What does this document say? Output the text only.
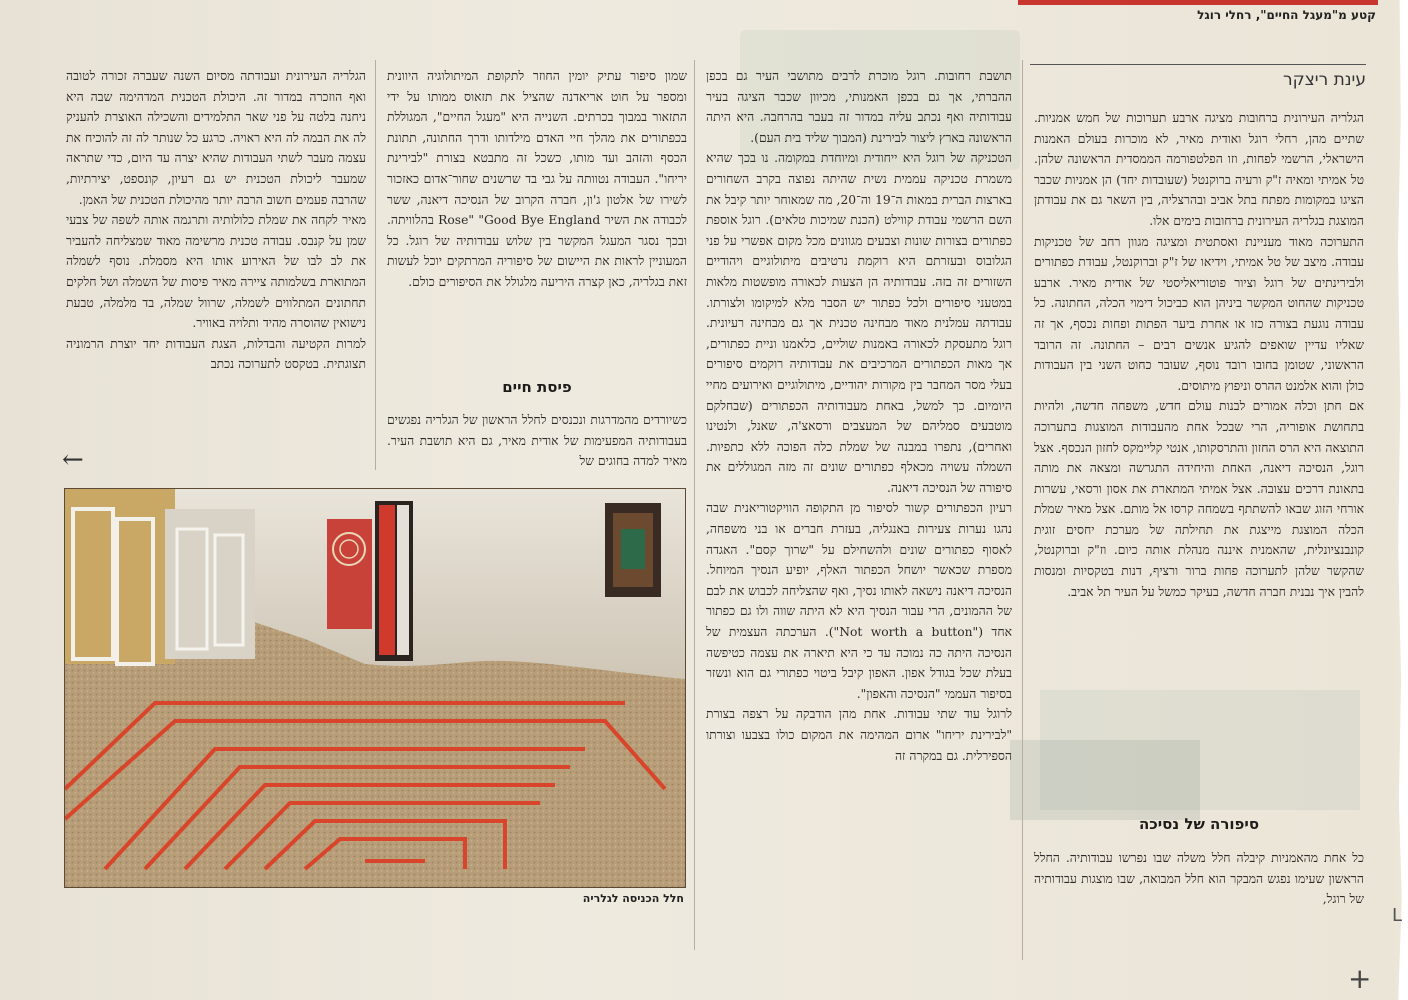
קטע מ"מעגל החיים", רחלי רוגל
עינת ריצקר

הגלריה העירונית ברחובות מציגה ארבע תערוכות של חמש אמניות. שתיים מהן, רחלי רוגל ואודית מאיר, לא מוכרות בעולם האמנות הישראלי, הרשמי לפחות, וזו הפלטפורמה הממסדית הראשונה שלהן. טל אמיתי ומאיה ז"ק ורעיה ברוקנטל (שעובדות יחד) הן אמניות שכבר הציגו במקומות מפתח בתל אביב ובהרצליה, בין השאר גם את עבודתן המוצגת בגלריה העירונית ברחובות בימים אלו.

התערוכה מאוד מעניינת ואסתטית ומציגה מגוון רחב של טכניקות עבודה. מיצב של טל אמיתי, וידיאו של ז"ק וברוקנטל, עבודת כפתורים ולבירינתים של רוגל וציור פוטוריאליסטי של אודית מאיר. ארבע טכניקות שהחוט המקשר ביניהן הוא כביכול דימוי הכלה, החתונה. כל עבודה נוגעת בצורה כזו או אחרת ביער הפתות ופחות נכסף, אך זה שאליו עדיין שואפים להגיע אנשים רבים – החתונה. זה הרובד הראשוני, שטומן בחובו רובד נוסף, שעובר כחוט השני בין העבודות כולן והוא אלמנט ההרס וניפוץ מיתוסים.

אם חתן וכלה אמורים לבנות עולם חדש, משפחה חדשה, ולהיות בתחושת אופוריה, הרי שבכל אחת מהעבודות המוצגות בתערוכה התוצאה היא הרס החזון והתרסקותו, אנטי קליימקס לחזון הנכסף. אצל רוגל, הנסיכה דיאנה, האחת והיחידה התגרשה ומצאה את מותה בתאונת דרכים עצובה. אצל אמיתי המתארת את אסון ורסאי, עשרות אורחי הזוג שבאו להשתתף בשמחה קרסו אל מותם. אצל מאיר שמלת הכלה המוצגת מייצגת את תחילתה של מערכת יחסים זוגית קונבנציונלית, שהאמנית איננה מנהלת אותה כיום. וז"ק וברוקנטל, שהקשר שלהן לתערוכה פחות ברור ורציף, דנות בטקסיות ומנסות להבין איך נבנית חברה חדשה, בעיקר כמשל על העיר תל אביב.

סיפורה של נסיכה

כל אחת מהאמניות קיבלה חלל משלה שבו נפרשו עבודותיה. החלל הראשון שעימו נפגש המבקר הוא חלל המבואה, שבו מוצגות עבודותיה של רוגל,

תושבת רחובות. רוגל מוכרת לרבים מתושבי העיר גם בכפן ההברתי, אך גם בכפן האמנותי, מכיוון שכבר הציגה בעיר עבודותיה ואף נכתב עליה במדור זה בעבר בהרחבה. היא היתה הראשונה בארץ ליצור לבירינת (המבוך שליד בית העם).

הטכניקה של רוגל היא ייחודית ומיוחדת במקומה. נו בכך שהיא משמרת טכניקה עממית נשית שהיתה נפוצה בקרב השחורים בארצות הברית במאות ה־19 וה־20, מה שמאוחר יותר קיבל את השם הרשמי עבודת קווילט (הכנת שמיכות טלאים). רוגל אוספת כפתורים בצורות שונות וצבעים מגוונים מכל מקום אפשרי על פני הגלובוס ובעזרתם היא רוקמת נרטיבים מיתולוגיים ויהודיים השזורים זה בזה. עבודותיה הן הצעות לכאורה מופשטות מלאות במטעני סיפורים ולכל כפתור יש הסבר מלא למיקומו ולצורתו. עבודתה עמלנית מאוד מבחינה טכנית אך גם מבחינה רעיונית. רוגל מתעסקת לכאורה באמנות שוליים, כלאמנו וניית כפתורים, אך מאות הכפתורים המרכיבים את עבודותיה רוקמים סיפורים בעלי מסר המחבר בין מקורות יהודיים, מיתולוגיים ואירועים מחיי היומיום. כך למשל, באחת מעבודותיה הכפתורים (שבחלקם מוטבעים סמליהם של המעצבים ורסאצ'ה, שאנל, ולנטינו ואחרים), נתפרו במבנה של שמלת כלה הפוכה ללא כתפיות. השמלה עשויה מכאלף כפתורים שונים זה מזה המגוללים את סיפורה של הנסיכה דיאנה.

רעיון הכפתורים קשור לסיפור מן התקופה הוויקטוריאנית שבה נהגו נערות צעירות באנגליה, בעזרת חברים או בני משפחה, לאסוף כפתורים שונים ולהשחילם על "שרוך קסם". האגדה מספרת שכאשר יושחל הכפתור האלף, יופיע הנסיך המיוחל. הנסיכה דיאנה נישאה לאותו נסיך, ואף שהצליחה לכבוש את לבם של ההמונים, הרי עבור הנסיך היא לא היתה שווה ולו גם כפתור אחד ("Not worth a button"). הערכתה העצמית של הנסיכה היתה כה נמוכה עד כי היא תיארה את עצמה כטיפשה בעלת שכל בגודל אפון. האפון קיבל ביטוי כפתורי גם הוא ונשזר בסיפור העממי "הנסיכה והאפון".

לרוגל עוד שתי עבודות. אחת מהן הודבקה על רצפה בצורת "לבירינת יריחו" ארום המהימה את המקום כולו בצבעו וצורתו הספירלית. גם במקרה זה

שמון סיפור עתיק יומין החוזר לתקופת המיתולוגיה היוונית ומספר על חוט אריאדנה שהציל את תזאוס ממותו על ידי התזאור במבוך בכרתים. השנייה היא "מעגל החיים", המגוללת בכפתורים את מהלך חיי האדם מילדותו ודרך החתונה, תתונת הכסף והזהב ועד מותו, כשכל זה מתבטא בצורת "לבירינת יריחו". העבודה נטוותה על גבי בד שרשנים שחור־אדום כאזכור לשירו של אלטון ג'ון, חברה הקרוב של הנסיכה דיאנה, ששר לכבודה את השיר Rose" "Good Bye England בהלוויתה. ובכך נסגר המעגל המקשר בין שלוש עבודותיה של רוגל. כל המעוניין לראות את היישום של סיפוריה המרתקים יוכל לעשות זאת בגלריה, כאן קצרה היריעה מלגולל את הסיפורים כולם.

פיסת חיים

כשיורדים מהמדרגות ונכנסים לחלל הראשון של הגלריה נפגשים בעבודותיה המפעימות של אודית מאיר, גם היא תושבת העיר. מאיר למדה בחוגים של

הגלריה העירונית ועבודתה מסיום השנה שעברה זכורה לטובה ואף הוזכרה במדור זה. היכולת הטכנית המדהימה שבה היא ניחנה בלטה על פני שאר התלמידים והשכילה האוצרת להעניק לה את הבמה לה היא ראויה. כרגע כל שנותר לה זה להוכיח את עצמה מעבר לשתי העבודות שהיא יצרה עד היום, כדי שתראה שמעבר ליכולת הטכנית יש גם רעיון, קונספט, יצירתיות, שהרבה פעמים חשוב הרבה יותר מהיכולת הטכנית של האמן.

מאיר לקחה את שמלת כלולותיה ותרגמה אותה לשפה של צבעי שמן על קנבס. עבודה טכנית מרשימה מאוד שמצליחה להעביר את לב לבו של האירוע אותו היא מסמלת. נוסף לשמלה המתוארת בשלמותה ציירה מאיר פיסות של השמלה ושל חלקים תחתונים המתלווים לשמלה, שרוול שמלה, בד מלמלה, טבעת נישואין שהוסרה מהיד ותלויה באוויר.

למרות הקטיעה והבדלות, הצגת העבודות יחד יוצרת הרמוניה תצוגתית. בטקסט לתערוכה נכתב

←
חלל הכניסה לגלריה
L
+
